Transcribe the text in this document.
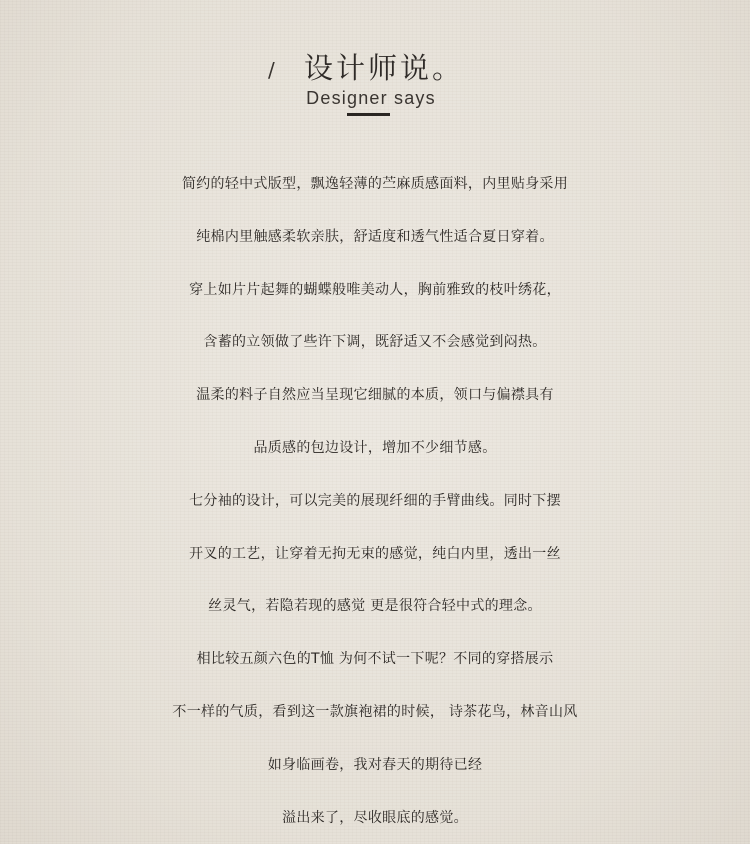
/ 设计师说。
Designer says
简约的轻中式版型，飘逸轻薄的苎麻质感面料，内里贴身采用
纯棉内里触感柔软亲肤，舒适度和透气性适合夏日穿着。
穿上如片片起舞的蝴蝶般唯美动人，胸前雅致的枝叶绣花，
含蓄的立领做了些许下调，既舒适又不会感觉到闷热。
温柔的料子自然应当呈现它细腻的本质，领口与偏襟具有
品质感的包边设计，增加不少细节感。
七分袖的设计，可以完美的展现纤细的手臂曲线。同时下摆
开叉的工艺，让穿着无拘无束的感觉，纯白内里，透出一丝
丝灵气，若隐若现的感觉 更是很符合轻中式的理念。
相比较五颜六色的T恤 为何不试一下呢？不同的穿搭展示
不一样的气质，看到这一款旗袍裙的时候， 诗茶花鸟，林音山风
如身临画卷，我对春天的期待已经
溢出来了，尽收眼底的感觉。
